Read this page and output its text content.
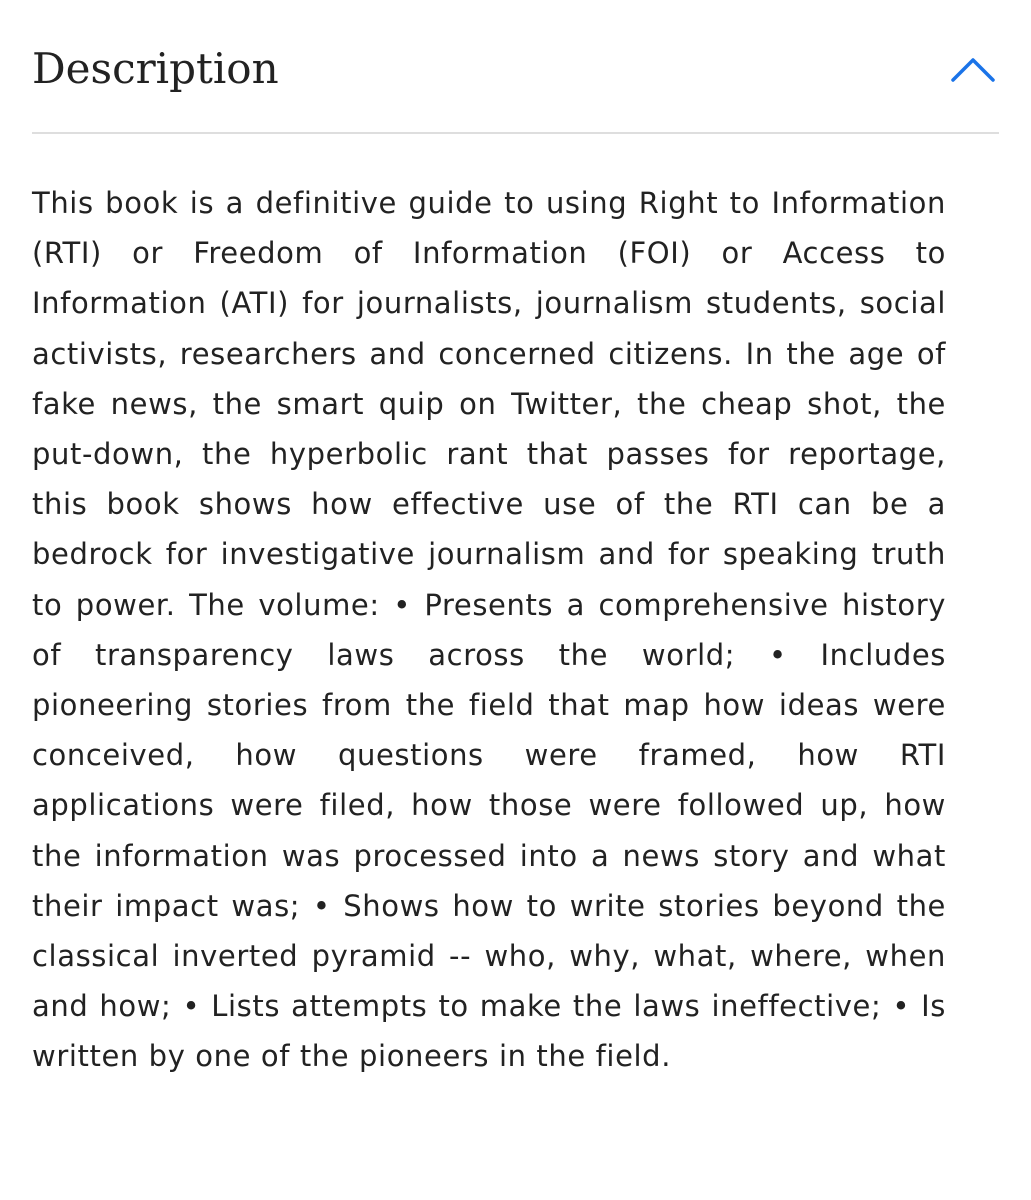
Description

This book is a definitive guide to using Right to Information (RTI) or Freedom of Information (FOI) or Access to Information (ATI) for journalists, journalism students, social activists, researchers and concerned citizens. In the age of fake news, the smart quip on Twitter, the cheap shot, the put-down, the hyperbolic rant that passes for reportage, this book shows how effective use of the RTI can be a bedrock for investigative journalism and for speaking truth to power. The volume: • Presents a comprehensive history of transparency laws across the world; • Includes pioneering stories from the field that map how ideas were conceived, how questions were framed, how RTI applications were filed, how those were followed up, how the information was processed into a news story and what their impact was; • Shows how to write stories beyond the classical inverted pyramid -- who, why, what, where, when and how; • Lists attempts to make the laws ineffective; • Is written by one of the pioneers in the field.
